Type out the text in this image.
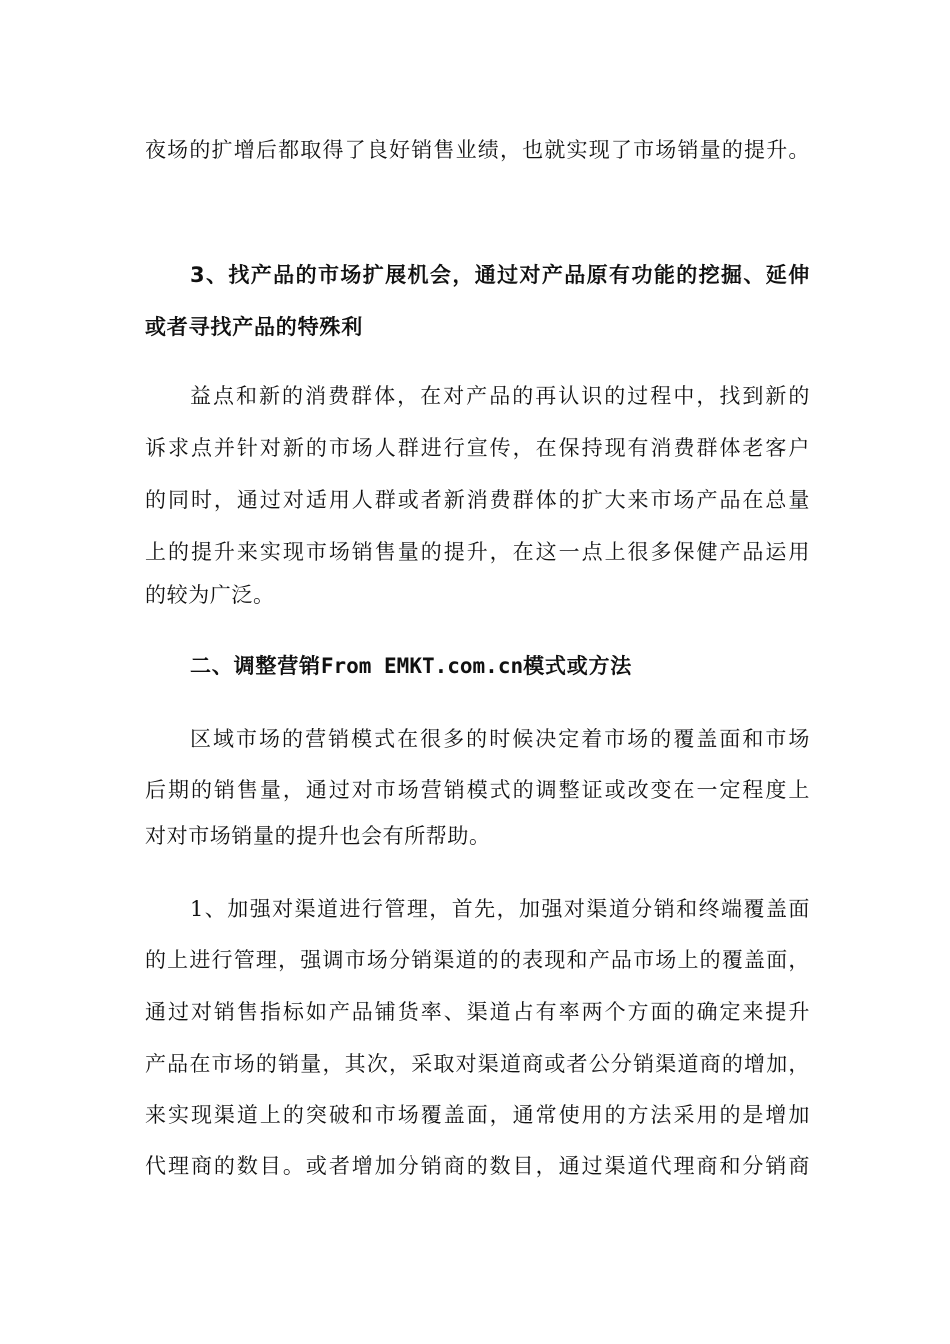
夜场的扩增后都取得了良好销售业绩，也就实现了市场销量的提升。
3、找产品的市场扩展机会，通过对产品原有功能的挖掘、延伸
或者寻找产品的特殊利
益点和新的消费群体，在对产品的再认识的过程中，找到新的
诉求点并针对新的市场人群进行宣传，在保持现有消费群体老客户
的同时，通过对适用人群或者新消费群体的扩大来市场产品在总量
上的提升来实现市场销售量的提升，在这一点上很多保健产品运用
的较为广泛。
二、调整营销From EMKT.com.cn模式或方法
区域市场的营销模式在很多的时候决定着市场的覆盖面和市场
后期的销售量，通过对市场营销模式的调整证或改变在一定程度上
对对市场销量的提升也会有所帮助。
1、加强对渠道进行管理，首先，加强对渠道分销和终端覆盖面
的上进行管理，强调市场分销渠道的的表现和产品市场上的覆盖面，
通过对销售指标如产品铺货率、渠道占有率两个方面的确定来提升
产品在市场的销量，其次，采取对渠道商或者公分销渠道商的增加，
来实现渠道上的突破和市场覆盖面，通常使用的方法采用的是增加
代理商的数目。或者增加分销商的数目，通过渠道代理商和分销商
